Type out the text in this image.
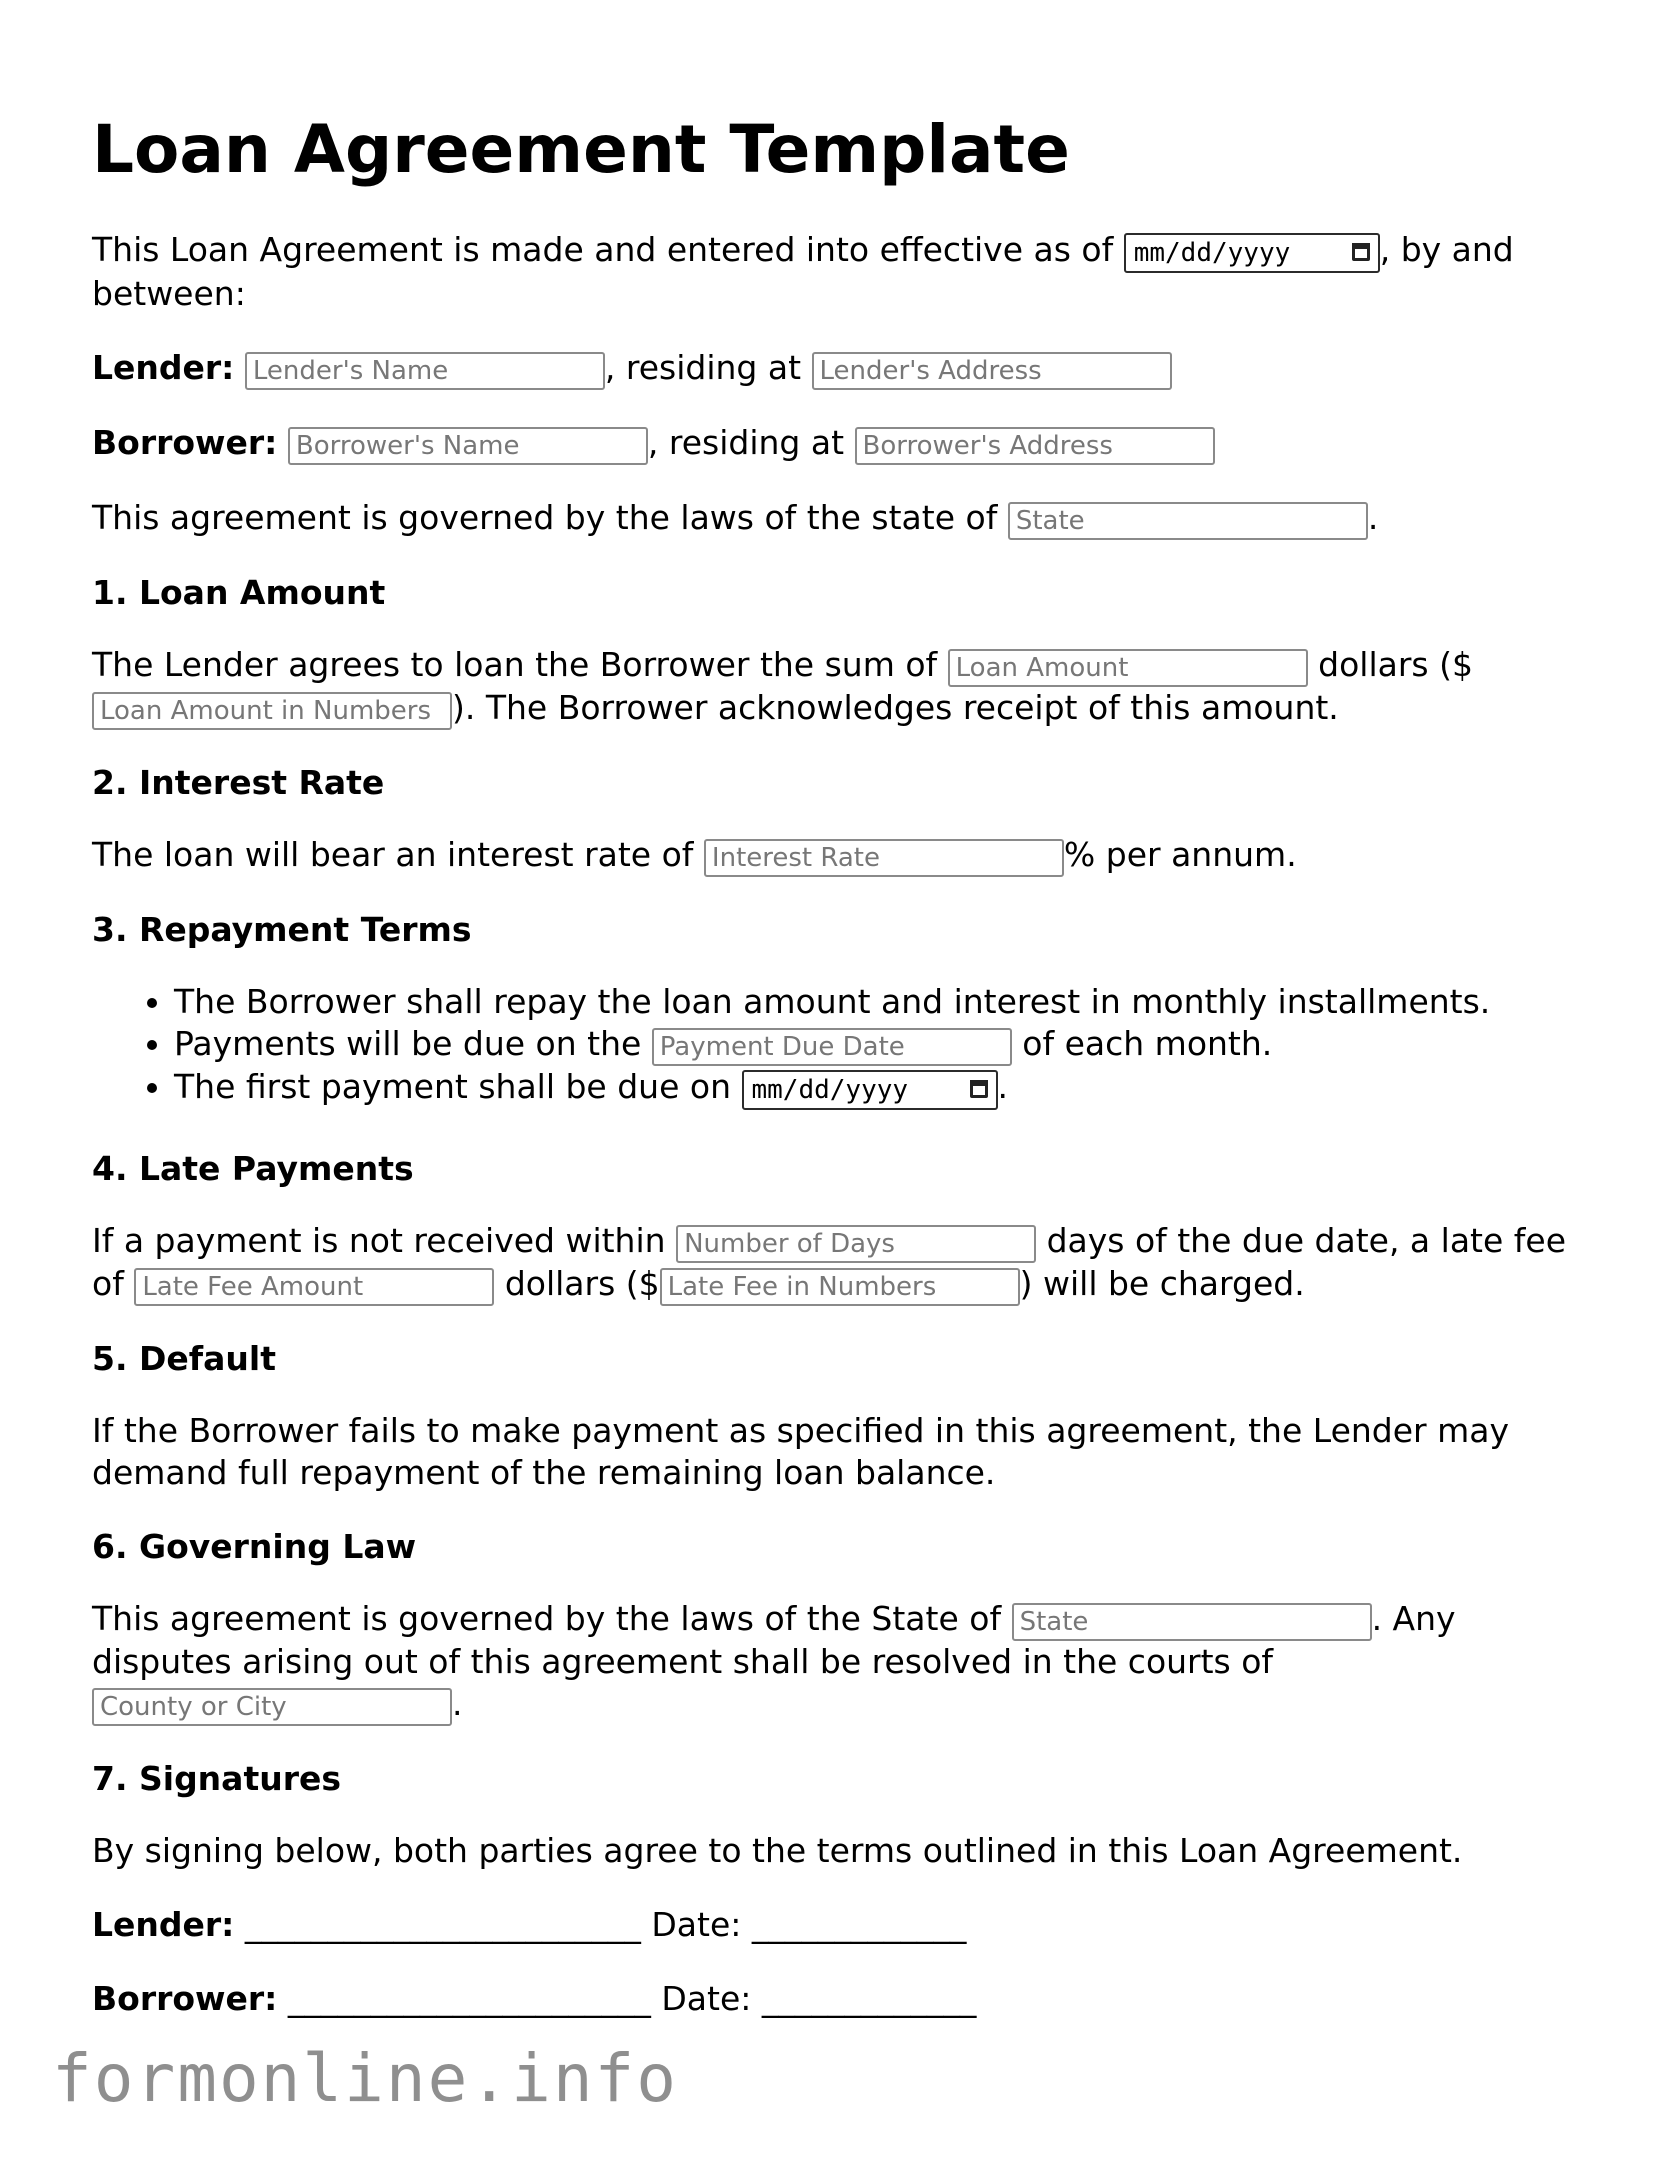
Loan Agreement Template

This Loan Agreement is made and entered into effective as of mm/dd/yyyy	, by and between:

Lender: Lender's Name	, residing at Lender's Address

Borrower: Borrower's Name	, residing at Borrower's Address

This agreement is governed by the laws of the state of State	.

1. Loan Amount

The Lender agrees to loan the Borrower the sum of Loan Amount	dollars ($ Loan Amount in Numbers). The Borrower acknowledges receipt of this amount.

2. Interest Rate

The loan will bear an interest rate of Interest Rate	% per annum.

3. Repayment Terms
• The Borrower shall repay the loan amount and interest in monthly installments.
• Payments will be due on the Payment Due Date	of each month.
• The first payment shall be due on mm/dd/yyyy	.
4. Late Payments

If a payment is not received within Number of Days	days of the due date, a late fee of Late Fee Amount	dollars ($Late Fee in Numbers	) will be charged.

5. Default

If the Borrower fails to make payment as specified in this agreement, the Lender may demand full repayment of the remaining loan balance.

6. Governing Law

This agreement is governed by the laws of the State of State	. Any disputes arising out of this agreement shall be resolved in the courts of County or City.

7. Signatures

By signing below, both parties agree to the terms outlined in this Loan Agreement.

Lender: ________________________ Date: _____________

Borrower: ______________________ Date: _____________

formonline.info
